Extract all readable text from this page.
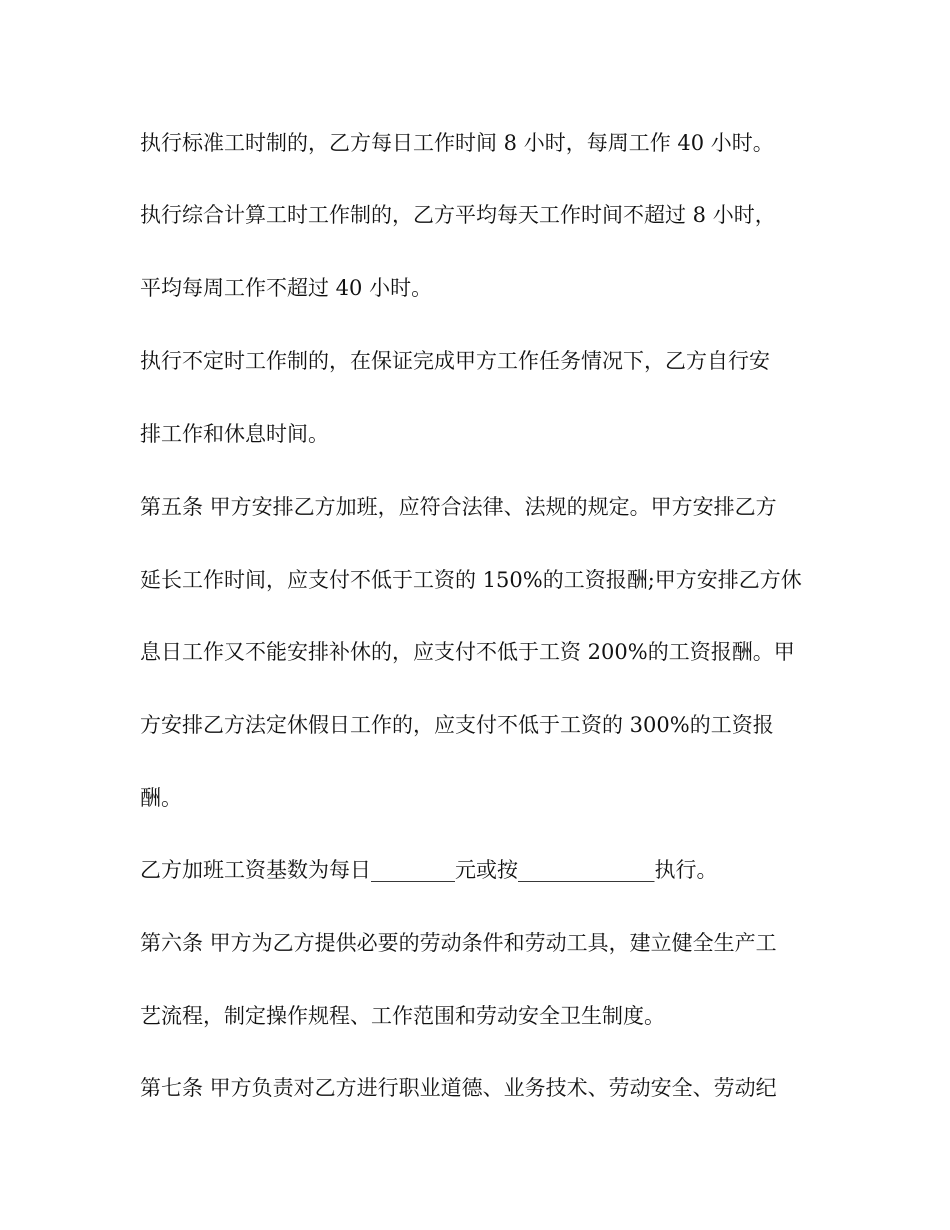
执行标准工时制的，乙方每日工作时间 8 小时，每周工作 40 小时。
执行综合计算工时工作制的，乙方平均每天工作时间不超过 8 小时，
平均每周工作不超过 40 小时。
执行不定时工作制的，在保证完成甲方工作任务情况下，乙方自行安
排工作和休息时间。
第五条 甲方安排乙方加班，应符合法律、法规的规定。甲方安排乙方
延长工作时间，应支付不低于工资的 150%的工资报酬;甲方安排乙方休
息日工作又不能安排补休的，应支付不低于工资 200%的工资报酬。甲
方安排乙方法定休假日工作的，应支付不低于工资的 300%的工资报
酬。
乙方加班工资基数为每日________元或按_____________执行。
第六条 甲方为乙方提供必要的劳动条件和劳动工具，建立健全生产工
艺流程，制定操作规程、工作范围和劳动安全卫生制度。
第七条 甲方负责对乙方进行职业道德、业务技术、劳动安全、劳动纪
